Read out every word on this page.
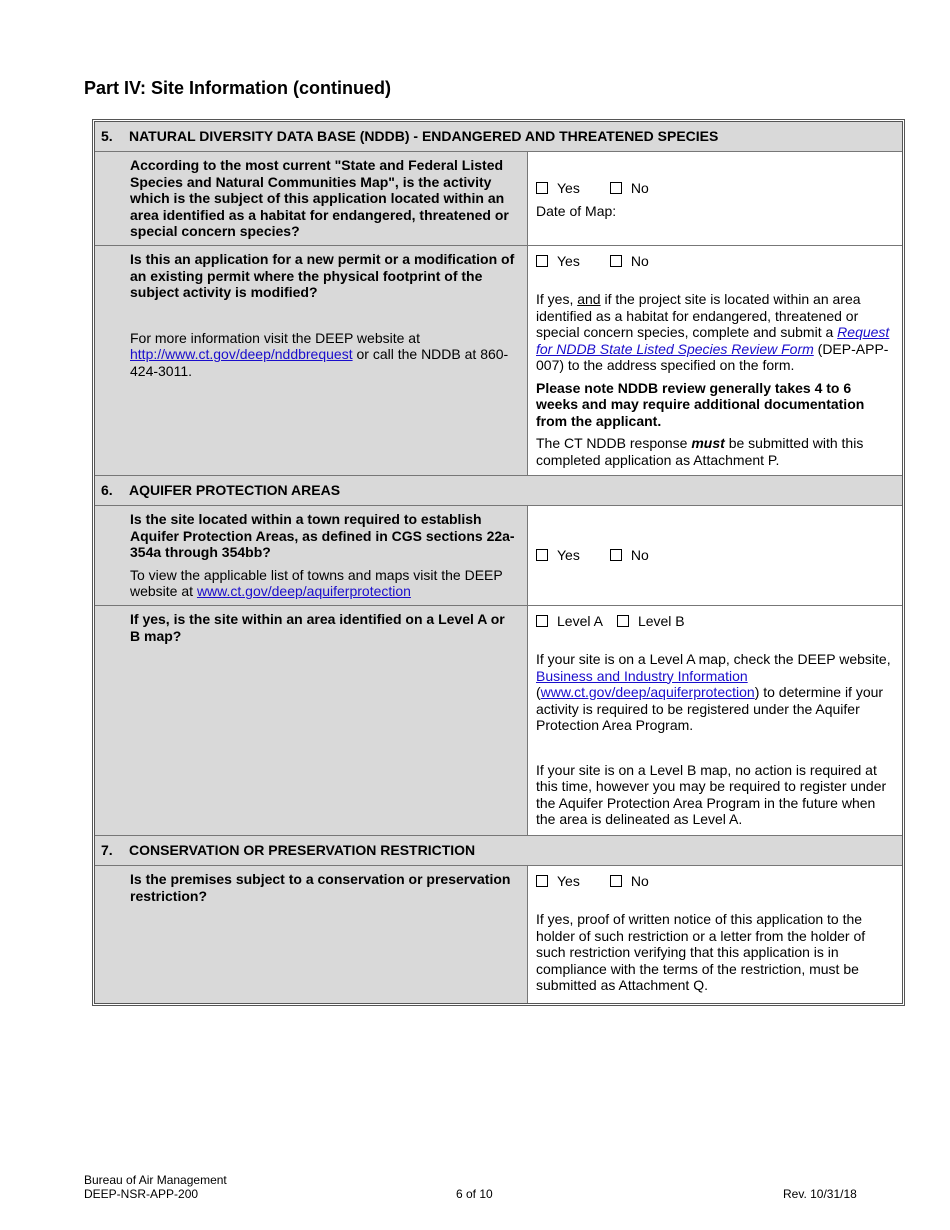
Part IV: Site Information (continued)
5.	NATURAL DIVERSITY DATA BASE (NDDB) - ENDANGERED AND THREATENED SPECIES

According to the most current "State and Federal Listed Species and Natural Communities Map", is the activity which is the subject of this application located within an area identified as a habitat for endangered, threatened or special concern species?

Yes	No

Date of Map:

Is this an application for a new permit or a modification of an existing permit where the physical footprint of the subject activity is modified?

For more information visit the DEEP website at
http://www.ct.gov/deep/nddbrequest or call the NDDB at 860-424-3011.

Yes	No

If yes, and if the project site is located within an area identified as a habitat for endangered, threatened or special concern species, complete and submit a Request for NDDB State Listed Species Review Form (DEP-APP-007) to the address specified on the form.

Please note NDDB review generally takes 4 to 6 weeks and may require additional documentation from the applicant.

The CT NDDB response must be submitted with this completed application as Attachment P.

6.	AQUIFER PROTECTION AREAS

Is the site located within a town required to establish Aquifer Protection Areas, as defined in CGS sections 22a-354a through 354bb?

To view the applicable list of towns and maps visit the DEEP website at www.ct.gov/deep/aquiferprotection

Yes	No

If yes, is the site within an area identified on a Level A or B map?

Level A	Level B

If your site is on a Level A map, check the DEEP website, Business and Industry Information (www.ct.gov/deep/aquiferprotection) to determine if your activity is required to be registered under the Aquifer Protection Area Program.

If your site is on a Level B map, no action is required at this time, however you may be required to register under the Aquifer Protection Area Program in the future when the area is delineated as Level A.

7.	CONSERVATION OR PRESERVATION RESTRICTION

Is the premises subject to a conservation or preservation restriction?

Yes	No

If yes, proof of written notice of this application to the holder of such restriction or a letter from the holder of such restriction verifying that this application is in compliance with the terms of the restriction, must be submitted as Attachment Q.

Bureau of Air Management
DEEP-NSR-APP-200	6 of 10	Rev. 10/31/18
